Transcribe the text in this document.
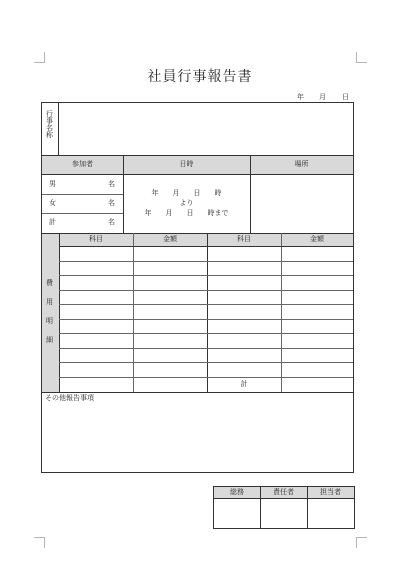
社員行事報告書
年 月 日
行
事
名
称
参加者	日時	場所
男	名
女	名
計	名
年　　月　　日　　時
より
年　　月　　日　　時まで
科目	金額	科目	金額
費
用
明
細
計
その他報告事項
総務	責任者	担当者
